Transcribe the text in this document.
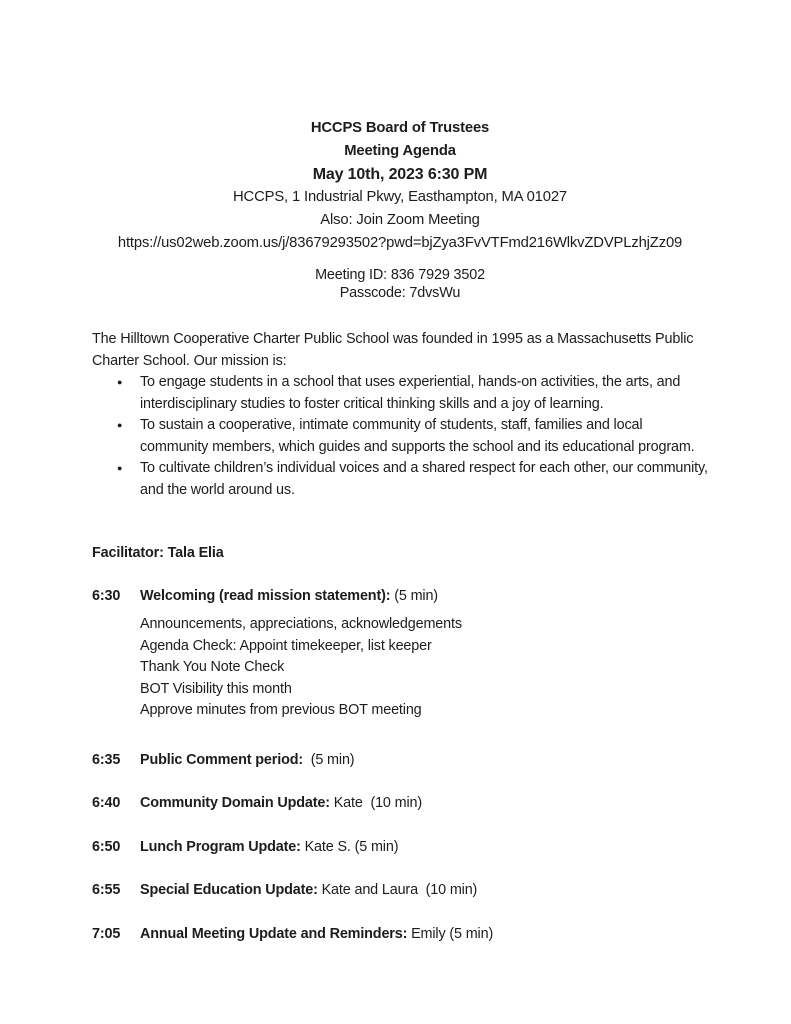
HCCPS Board of Trustees
Meeting Agenda
May 10th, 2023 6:30 PM
HCCPS, 1 Industrial Pkwy, Easthampton, MA 01027
Also: Join Zoom Meeting
https://us02web.zoom.us/j/83679293502?pwd=bjZya3FvVTFmd216WlkvZDVPLzhjZz09
Meeting ID: 836 7929 3502
Passcode: 7dvsWu

The Hilltown Cooperative Charter Public School was founded in 1995 as a Massachusetts Public Charter School. Our mission is:

●	To engage students in a school that uses experiential, hands-on activities, the arts, and interdisciplinary studies to foster critical thinking skills and a joy of learning.
●	To sustain a cooperative, intimate community of students, staff, families and local community members, which guides and supports the school and its educational program.
●	To cultivate children’s individual voices and a shared respect for each other, our community, and the world around us.

Facilitator: Tala Elia

6:30	Welcoming (read mission statement): (5 min)
Announcements, appreciations, acknowledgements
Agenda Check: Appoint timekeeper, list keeper
Thank You Note Check
BOT Visibility this month
Approve minutes from previous BOT meeting
6:35	Public Comment period:  (5 min)
6:40	Community Domain Update: Kate  (10 min)
6:50	Lunch Program Update: Kate S. (5 min)
6:55	Special Education Update: Kate and Laura  (10 min)
7:05	Annual Meeting Update and Reminders: Emily (5 min)
